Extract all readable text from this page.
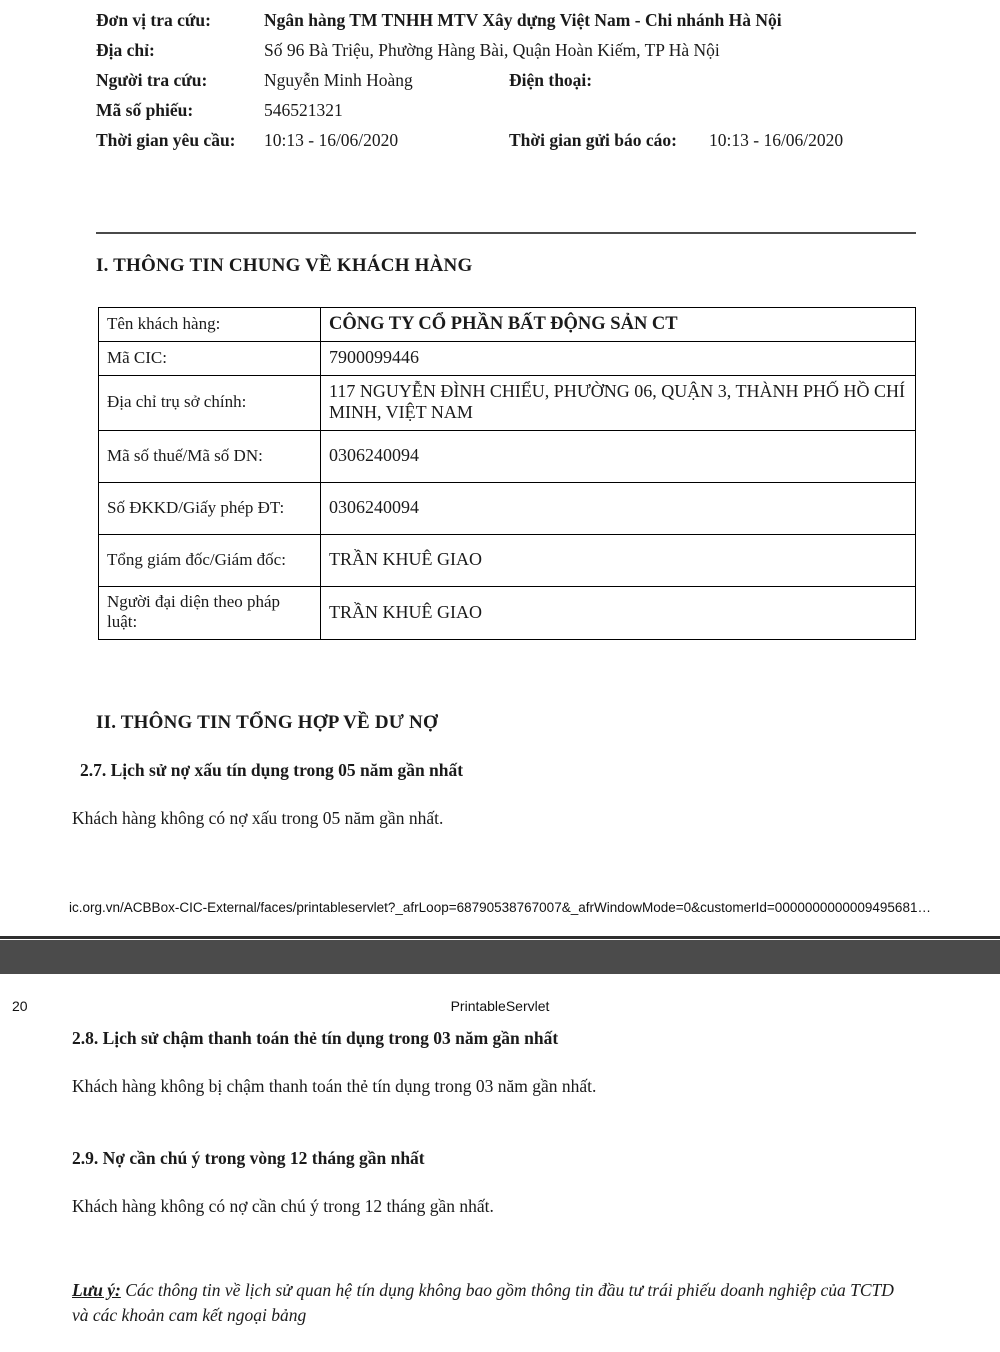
Đơn vị tra cứu:	Ngân hàng TM TNHH MTV Xây dựng Việt Nam - Chi nhánh Hà Nội		
Địa chỉ:	Số 96 Bà Triệu, Phường Hàng Bài, Quận Hoàn Kiếm, TP Hà Nội		
Người tra cứu:	Nguyễn Minh Hoàng	Điện thoại:	
Mã số phiếu:	546521321		
Thời gian yêu cầu:	10:13 - 16/06/2020	Thời gian gửi báo cáo:	10:13 - 16/06/2020
I. THÔNG TIN CHUNG VỀ KHÁCH HÀNG
Tên khách hàng:	CÔNG TY CỔ PHẦN BẤT ĐỘNG SẢN CT
Mã CIC:	7900099446
Địa chỉ trụ sở chính:	117 NGUYỄN ĐÌNH CHIỂU, PHƯỜNG 06, QUẬN 3, THÀNH PHỐ HỒ CHÍ MINH, VIỆT NAM
Mã số thuế/Mã số DN:	0306240094
Số ĐKKD/Giấy phép ĐT:	0306240094
Tổng giám đốc/Giám đốc:	TRẦN KHUÊ GIAO
Người đại diện theo pháp luật:	TRẦN KHUÊ GIAO
II. THÔNG TIN TỔNG HỢP VỀ DƯ NỢ
2.7. Lịch sử nợ xấu tín dụng trong 05 năm gần nhất
Khách hàng không có nợ xấu trong 05 năm gần nhất.
ic.org.vn/ACBBox-CIC-External/faces/printableservlet?_afrLoop=68790538767007&_afrWindowMode=0&customerId=0000000000009495681…
20	PrintableServlet
2.8. Lịch sử chậm thanh toán thẻ tín dụng trong 03 năm gần nhất
Khách hàng không bị chậm thanh toán thẻ tín dụng trong 03 năm gần nhất.
2.9. Nợ cần chú ý trong vòng 12 tháng gần nhất
Khách hàng không có nợ cần chú ý trong 12 tháng gần nhất.
Lưu ý: Các thông tin về lịch sử quan hệ tín dụng không bao gồm thông tin đầu tư trái phiếu doanh nghiệp của TCTD và các khoản cam kết ngoại bảng
